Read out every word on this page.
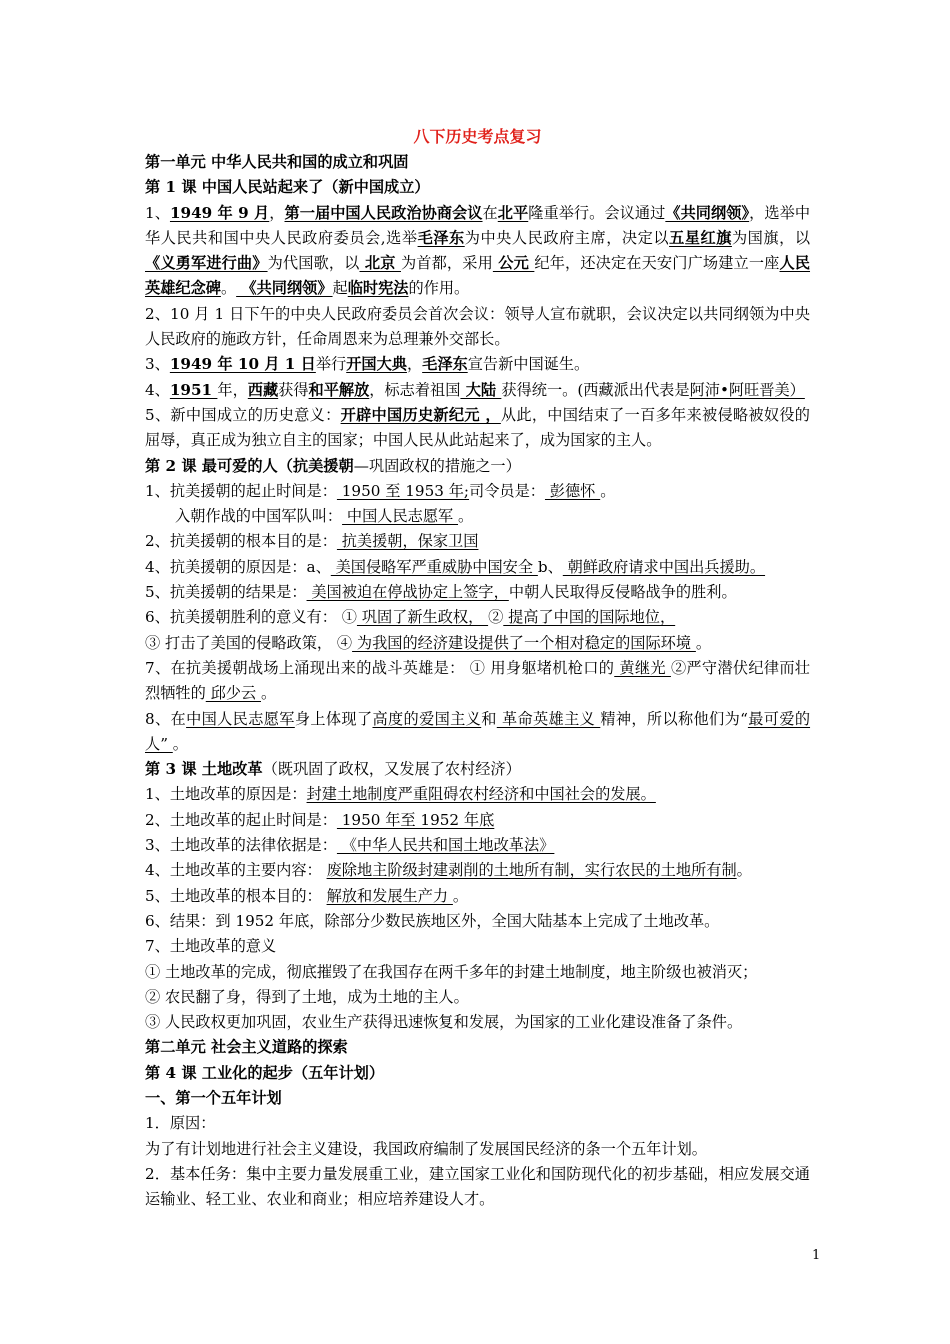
八下历史考点复习
第一单元 中华人民共和国的成立和巩固
第 1 课 中国人民站起来了（新中国成立）

1、1949 年 9 月，第一届中国人民政治协商会议在北平隆重举行。会议通过《共同纲领》，选举中华人民共和国中央人民政府委员会,选举毛泽东为中央人民政府主席，决定以五星红旗为国旗，以《义勇军进行曲》为代国歌，以 北京 为首都，采用 公元 纪年，还决定在天安门广场建立一座人民英雄纪念碑。 《共同纲领》起临时宪法的作用。

2、10 月 1 日下午的中央人民政府委员会首次会议：领导人宣布就职，会议决定以共同纲领为中央人民政府的施政方针，任命周恩来为总理兼外交部长。

3、1949 年 10 月 1 日举行开国大典，毛泽东宣告新中国诞生。

4、1951 年，西藏获得和平解放，标志着祖国 大陆 获得统一。(西藏派出代表是阿沛•阿旺晋美）

5、新中国成立的历史意义：开辟中国历史新纪元 ，从此，中国结束了一百多年来被侵略被奴役的屈辱，真正成为独立自主的国家；中国人民从此站起来了，成为国家的主人。

第 2 课 最可爱的人（抗美援朝—巩固政权的措施之一）

1、抗美援朝的起止时间是： 1950 至 1953 年;司令员是： 彭德怀 。

入朝作战的中国军队叫： 中国人民志愿军 。

2、抗美援朝的根本目的是： 抗美援朝，保家卫国

4、抗美援朝的原因是：a、 美国侵略军严重威胁中国安全 b、 朝鲜政府请求中国出兵援助。

5、抗美援朝的结果是： 美国被迫在停战协定上签字，中朝人民取得反侵略战争的胜利。

6、抗美援朝胜利的意义有： ① 巩固了新生政权， ② 提高了中国的国际地位，

③ 打击了美国的侵略政策， ④ 为我国的经济建设提供了一个相对稳定的国际环境 。

7、在抗美援朝战场上涌现出来的战斗英雄是： ① 用身躯堵机枪口的 黄继光 ②严守潜伏纪律而壮烈牺牲的 邱少云 。

8、在中国人民志愿军身上体现了高度的爱国主义和 革命英雄主义 精神，所以称他们为“最可爱的人” 。

第 3 课 土地改革（既巩固了政权，又发展了农村经济）

1、土地改革的原因是：封建土地制度严重阻碍农村经济和中国社会的发展。

2、土地改革的起止时间是： 1950 年至 1952 年底

3、土地改革的法律依据是： 《中华人民共和国土地改革法》

4、土地改革的主要内容： 废除地主阶级封建剥削的土地所有制，实行农民的土地所有制。

5、土地改革的根本目的： 解放和发展生产力 。

6、结果：到 1952 年底，除部分少数民族地区外，全国大陆基本上完成了土地改革。

7、土地改革的意义

① 土地改革的完成，彻底摧毁了在我国存在两千多年的封建土地制度，地主阶级也被消灭；

② 农民翻了身，得到了土地，成为土地的主人。

③ 人民政权更加巩固，农业生产获得迅速恢复和发展，为国家的工业化建设准备了条件。

第二单元 社会主义道路的探索
第 4 课 工业化的起步（五年计划）
一、第一个五年计划

1．原因：

为了有计划地进行社会主义建设，我国政府编制了发展国民经济的条一个五年计划。

2．基本任务：集中主要力量发展重工业，建立国家工业化和国防现代化的初步基础，相应发展交通运输业、轻工业、农业和商业；相应培养建设人才。

1
